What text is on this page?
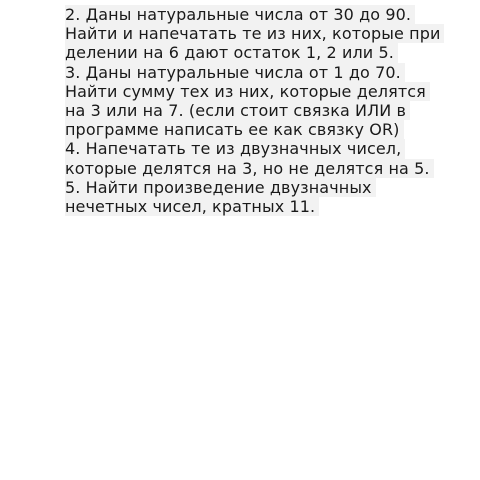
2. Даны натуральные числа от 30 до 90.
Найти и напечатать те из них, которые при
делении на 6 дают остаток 1, 2 или 5.
3. Даны натуральные числа от 1 до 70.
Найти сумму тех из них, которые делятся
на 3 или на 7. (если стоит связка ИЛИ в
программе написать ее как связку OR)
4. Напечатать те из двузначных чисел,
которые делятся на 3, но не делятся на 5.
5. Найти произведение двузначных
нечетных чисел, кратных 11.
